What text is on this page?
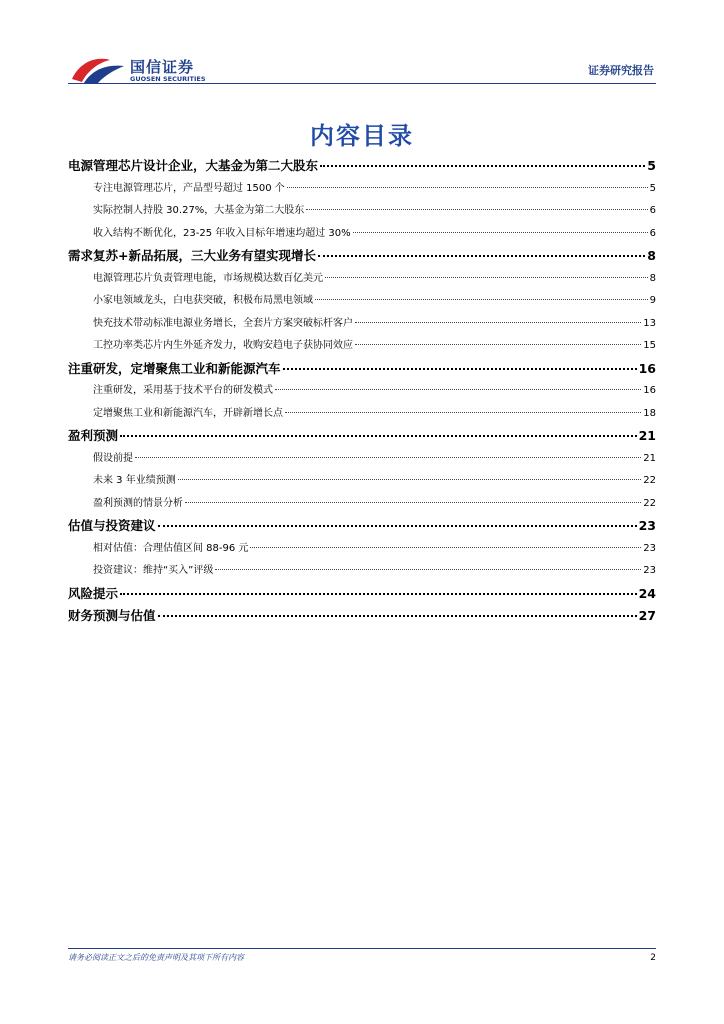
国信证券
GUOSEN SECURITIES
证券研究报告
内容目录
电源管理芯片设计企业，大基金为第二大股东	5
专注电源管理芯片，产品型号超过 1500 个	5
实际控制人持股 30.27%，大基金为第二大股东	6
收入结构不断优化，23-25 年收入目标年增速均超过 30%	6
需求复苏+新品拓展，三大业务有望实现增长	8
电源管理芯片负责管理电能，市场规模达数百亿美元	8
小家电领域龙头，白电获突破，积极布局黑电领域	9
快充技术带动标准电源业务增长，全套片方案突破标杆客户	13
工控功率类芯片内生外延齐发力，收购安趋电子获协同效应	15
注重研发，定增聚焦工业和新能源汽车	16
注重研发，采用基于技术平台的研发模式	16
定增聚焦工业和新能源汽车，开辟新增长点	18
盈利预测	21
假设前提	21
未来 3 年业绩预测	22
盈利预测的情景分析	22
估值与投资建议	23
相对估值：合理估值区间 88-96 元	23
投资建议：维持“买入”评级	23
风险提示	24
财务预测与估值	27
请务必阅读正文之后的免责声明及其项下所有内容	2
